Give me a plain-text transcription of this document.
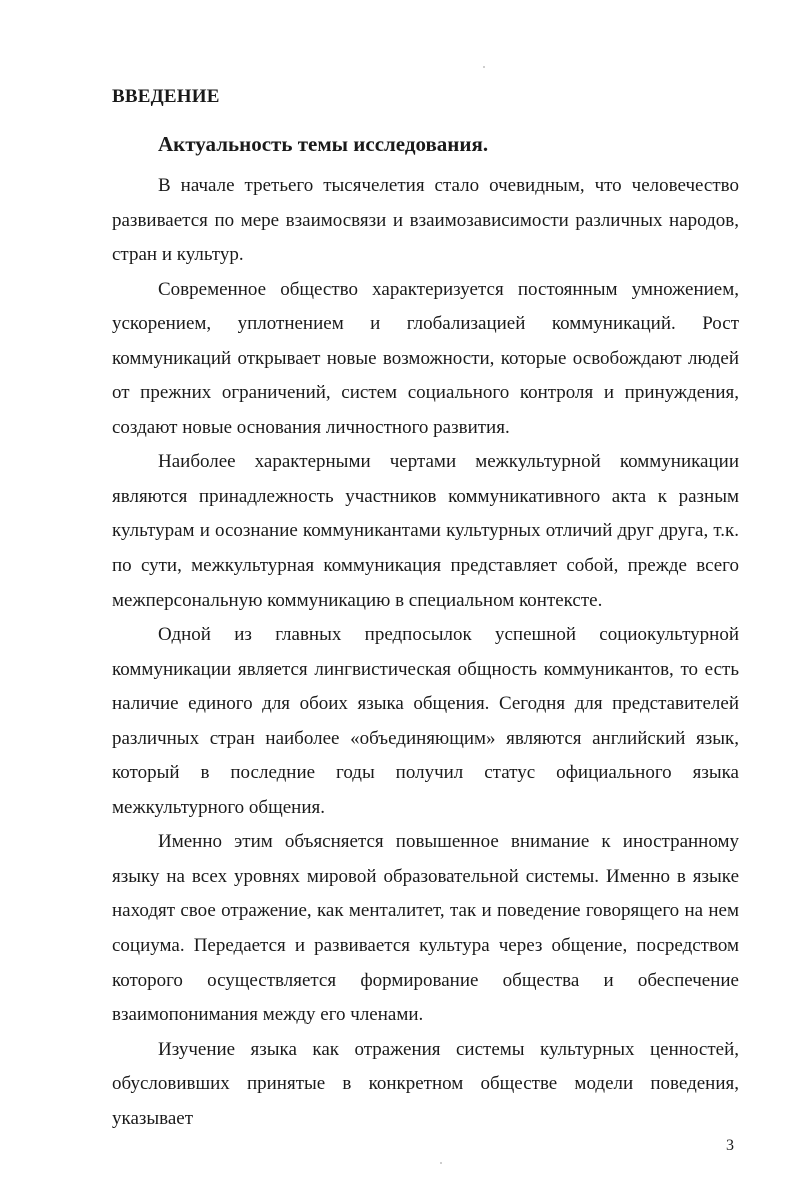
ВВЕДЕНИЕ
Актуальность темы исследования.

В начале третьего тысячелетия стало очевидным, что человечество развивается по мере взаимосвязи и взаимозависимости различных народов, стран и культур.

Современное общество характеризуется постоянным умножением, ускорением, уплотнением и глобализацией коммуникаций. Рост коммуникаций открывает новые возможности, которые освобождают людей от прежних ограничений, систем социального контроля и принуждения, создают новые основания личностного развития.

Наиболее характерными чертами межкультурной коммуникации являются принадлежность участников коммуникативного акта к разным культурам и осознание коммуникантами культурных отличий друг друга, т.к. по сути, межкультурная коммуникация представляет собой, прежде всего межперсональную коммуникацию в специальном контексте.

Одной из главных предпосылок успешной социокультурной коммуникации является лингвистическая общность коммуникантов, то есть наличие единого для обоих языка общения. Сегодня для представителей различных стран наиболее «объединяющим» являются английский язык, который в последние годы получил статус официального языка межкультурного общения.

Именно этим объясняется повышенное внимание к иностранному языку на всех уровнях мировой образовательной системы. Именно в языке находят свое отражение, как менталитет, так и поведение говорящего на нем социума. Передается и развивается культура через общение, посредством которого осуществляется формирование общества и обеспечение взаимопонимания между его членами.

Изучение языка как отражения системы культурных ценностей, обусловивших принятые в конкретном обществе модели поведения, указывает

3
